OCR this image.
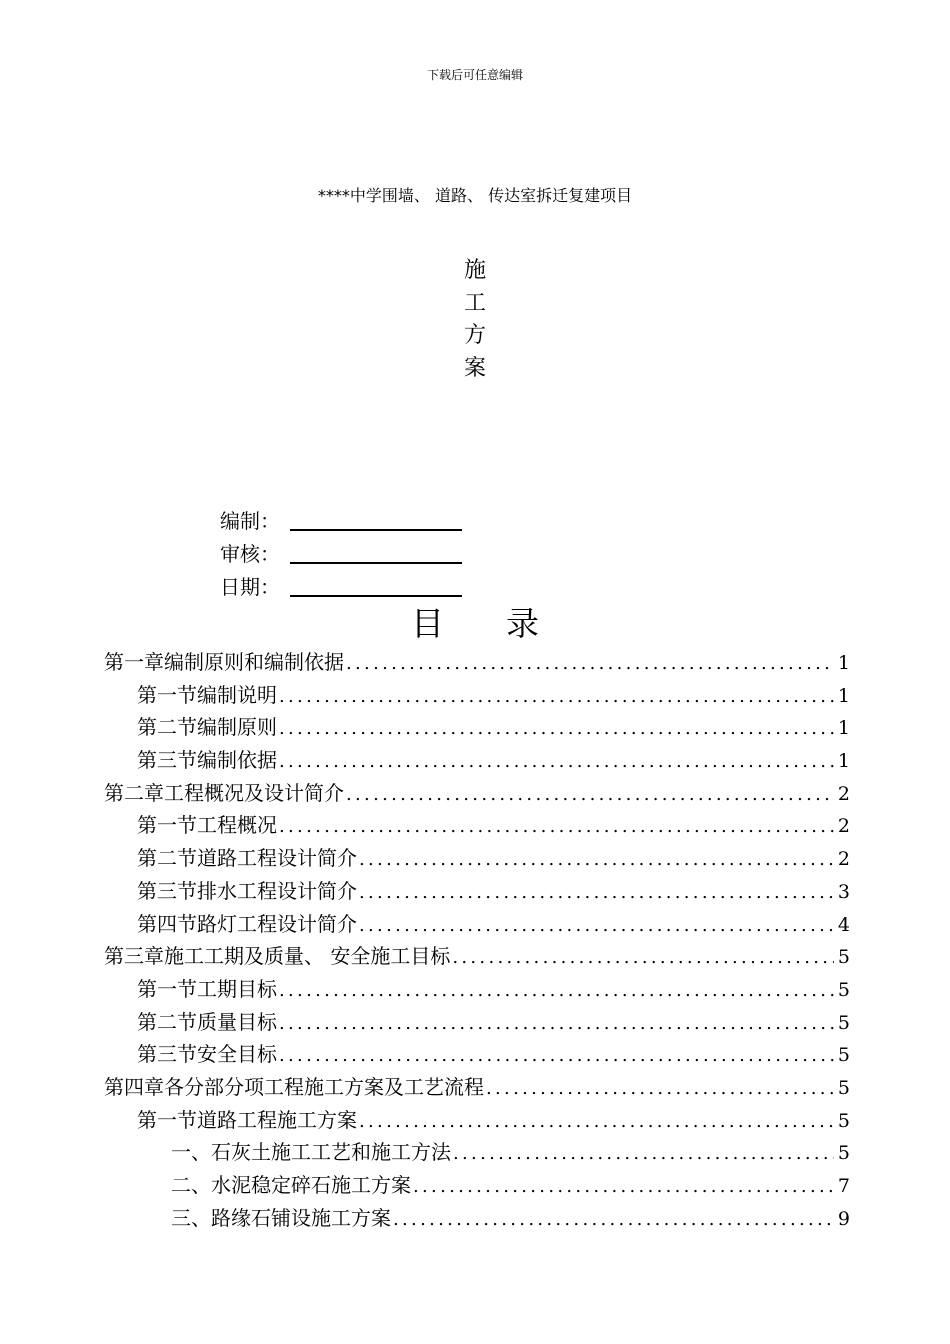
下载后可任意编辑
****中学围墙、 道路、 传达室拆迁复建项目
施
工
方
案
编制：
审核：
日期：
目 录
第一章 编制原则和编制依据 .....	1
第一节 编制说明 .....	1
第二节 编制原则 .....	1
第三节 编制依据 .....	1
第二章 工程概况及设计简介 .....	2
第一节 工程概况 .....	2
第二节 道路工程设计简介 .....	2
第三节 排水工程设计简介 .....	3
第四节 路灯工程设计简介 .....	4
第三章 施工工期及质量、 安全施工目标 .....	5
第一节 工期目标 .....	5
第二节 质量目标 .....	5
第三节 安全目标 .....	5
第四章 各分部分项工程施工方案及工艺流程 .....	5
第一节 道路工程施工方案 .....	5
一、 石灰土施工工艺和施工方法 .....	5
二、 水泥稳定碎石施工方案 .....	7
三、 路缘石铺设施工方案 .....	9
